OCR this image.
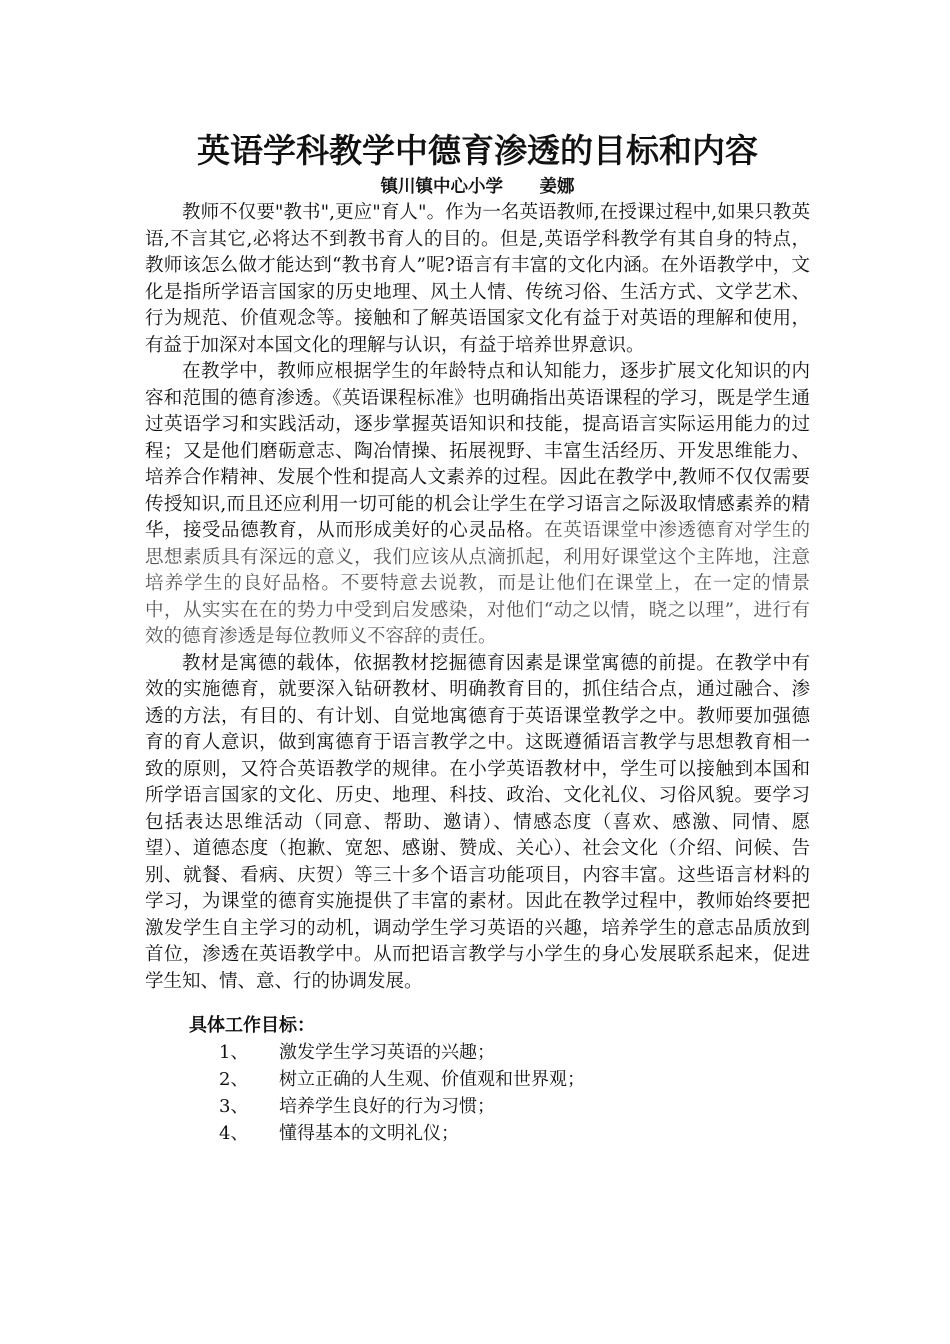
英语学科教学中德育渗透的目标和内容

镇川镇中心小学      姜娜

教师不仅要"教书",更应"育人"。作为一名英语教师,在授课过程中,如果只教英语,不言其它,必将达不到教书育人的目的。但是,英语学科教学有其自身的特点，教师该怎么做才能达到“教书育人”呢?语言有丰富的文化内涵。在外语教学中，文化是指所学语言国家的历史地理、风土人情、传统习俗、生活方式、文学艺术、行为规范、价值观念等。接触和了解英语国家文化有益于对英语的理解和使用，有益于加深对本国文化的理解与认识，有益于培养世界意识。

在教学中，教师应根据学生的年龄特点和认知能力，逐步扩展文化知识的内容和范围的德育渗透。《英语课程标准》也明确指出英语课程的学习，既是学生通过英语学习和实践活动，逐步掌握英语知识和技能，提高语言实际运用能力的过程；又是他们磨砺意志、陶冶情操、拓展视野、丰富生活经历、开发思维能力、培养合作精神、发展个性和提高人文素养的过程。因此在教学中,教师不仅仅需要传授知识,而且还应利用一切可能的机会让学生在学习语言之际汲取情感素养的精华，接受品德教育，从而形成美好的心灵品格。在英语课堂中渗透德育对学生的思想素质具有深远的意义，我们应该从点滴抓起，利用好课堂这个主阵地，注意培养学生的良好品格。不要特意去说教，而是让他们在课堂上，在一定的情景中，从实实在在的势力中受到启发感染，对他们“动之以情，晓之以理”，进行有效的德育渗透是每位教师义不容辞的责任。

教材是寓德的载体，依据教材挖掘德育因素是课堂寓德的前提。在教学中有效的实施德育，就要深入钻研教材、明确教育目的，抓住结合点，通过融合、渗透的方法，有目的、有计划、自觉地寓德育于英语课堂教学之中。教师要加强德育的育人意识，做到寓德育于语言教学之中。这既遵循语言教学与思想教育相一致的原则，又符合英语教学的规律。在小学英语教材中，学生可以接触到本国和所学语言国家的文化、历史、地理、科技、政治、文化礼仪、习俗风貌。要学习包括表达思维活动（同意、帮助、邀请）、情感态度（喜欢、感激、同情、愿望）、道德态度（抱歉、宽恕、感谢、赞成、关心）、社会文化（介绍、问候、告别、就餐、看病、庆贺）等三十多个语言功能项目，内容丰富。这些语言材料的学习，为课堂的德育实施提供了丰富的素材。因此在教学过程中，教师始终要把激发学生自主学习的动机，调动学生学习英语的兴趣，培养学生的意志品质放到首位，渗透在英语教学中。从而把语言教学与小学生的身心发展联系起来，促进学生知、情、意、行的协调发展。

具体工作目标：

1、	激发学生学习英语的兴趣；
2、	树立正确的人生观、价值观和世界观；
3、	培养学生良好的行为习惯；
4、	懂得基本的文明礼仪；
